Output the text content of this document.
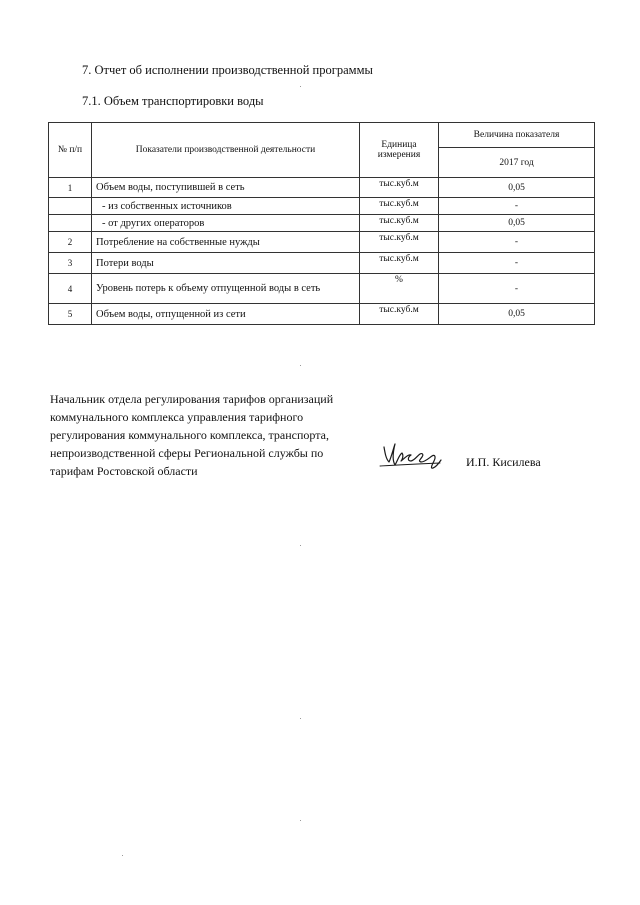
7. Отчет об исполнении производственной программы
7.1. Объем транспортировки воды
№ п/п	Показатели производственной деятельности	Единица измерения	Величина показателя
			2017 год
1	Объем воды, поступившей в сеть	тыс.куб.м	0,05
	- из собственных источников	тыс.куб.м	-
	- от других операторов	тыс.куб.м	0,05
2	Потребление на собственные нужды	тыс.куб.м	-
3	Потери воды	тыс.куб.м	-
4	Уровень потерь к объему отпущенной воды в сеть	%	-
5	Объем воды, отпущенной из сети	тыс.куб.м	0,05
Начальник отдела регулирования тарифов организаций
коммунального комплекса управления тарифного
регулирования коммунального комплекса, транспорта,
непроизводственной сферы Региональной службы по
тарифам Ростовской области
И.П. Кисилева
